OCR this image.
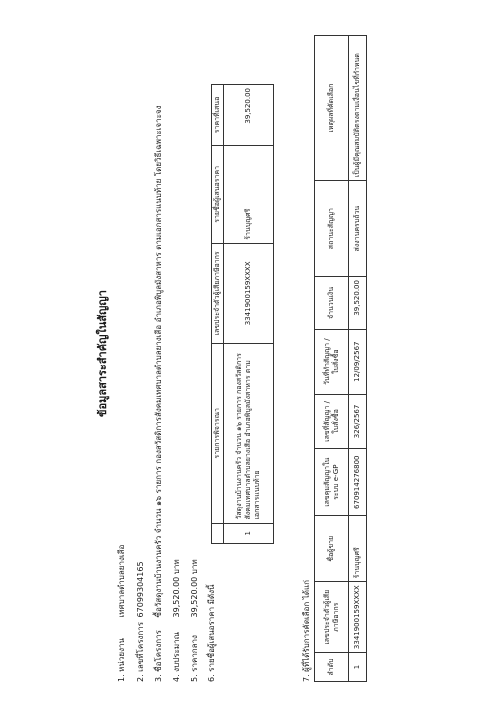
ข้อมูลสาระสำคัญในสัญญา
1. หน่วยงาน เทศบาลตำบลยางเสีอ
2. เลขที่โครงการ 67099304165
3. ชื่อโครงการ ซื้อวัสดุงานบ้านงานครัว จำนวน ๑๖ รายการ กองสวัสดิการสังคมเทศบาลตำบลยางเสีอ อำเภอพิบูลมังสาหาร ตามเอกสารแนบท้าย โดยวิธีเฉพาะเจาะจง
4. งบประมาณ 39,520.00 บาท
5. ราคากลาง 39,520.00 บาท 6. รายชื่อผู้เสนอราคา มีดังนี้
	รายการพิจารณา	เลขประจำตัวผู้เสียภาษีอากร	รายชื่อผู้เสนอราคา	ราคาที่เสนอ
1	วัสดุงานบ้านงานครัว จำนวน ๑๖ รายการ กองสวัสดิการสังคมเทศบาลตำบลยางเสีอ อำเภอพิบูลมังสาหาร ตามเอกสารแนบท้าย	3341900159XXXX	ร้านบุญศรี	39,520.00
7. ผู้ที่ได้รับการคัดเลือก ได้แก่ ลำดับ	เลขประจำตัวผู้เสียภาษีอากร	ชื่อผู้ขาย	เลขคุมสัญญาในระบบ e-GP	เลขที่สัญญา / ใบสั่งซื้อ	วันที่ทำสัญญา / ใบสั่งซื้อ	จำนวนเงิน	สถานะสัญญา	เหตุผลที่คัดเลือก
1	3341900159XXXX	ร้านบุญศรี	670914276800	326/2567	12/09/2567	39,520.00	ส่งงานครบถ้วน	เป็นผู้มีคุณสมบัติตรงตามเงื่อนไขที่กำหนด
